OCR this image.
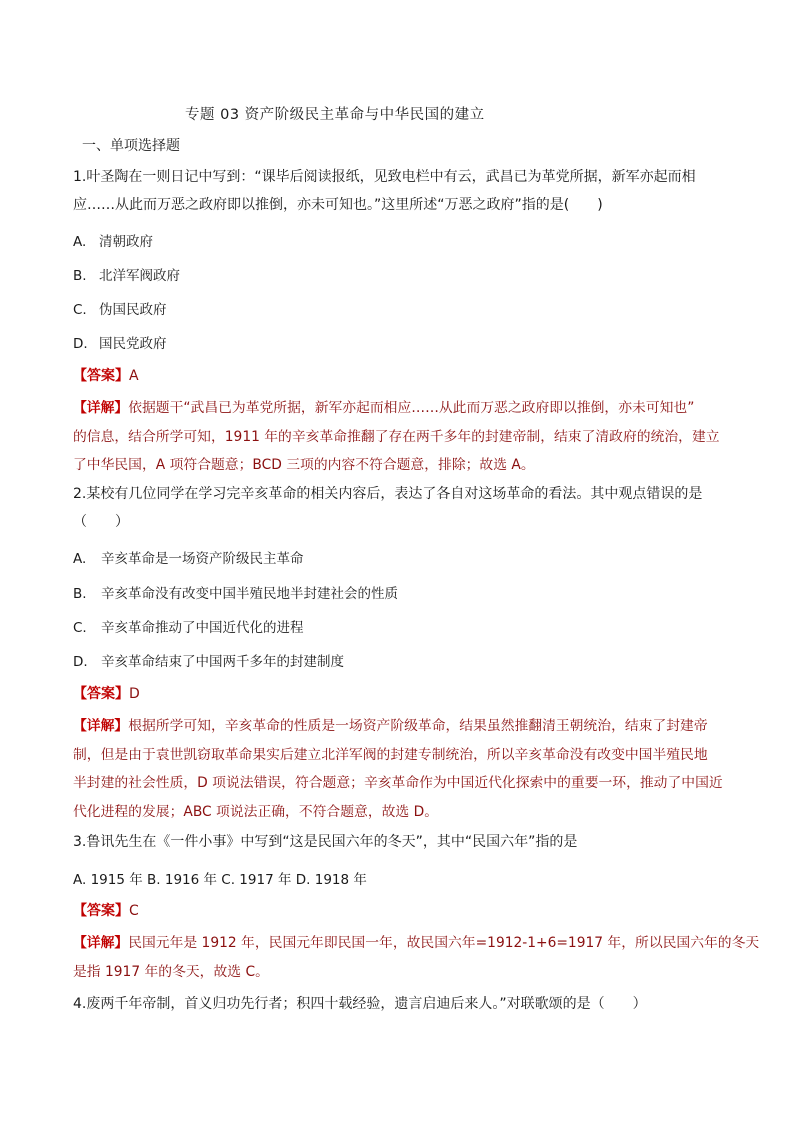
专题 03 资产阶级民主革命与中华民国的建立
一、单项选择题
1.叶圣陶在一则日记中写到：“课毕后阅读报纸，见致电栏中有云，武昌已为革党所据，新军亦起而相
应……从此而万恶之政府即以推倒，亦未可知也。”这里所述“万恶之政府”指的是(　　)
A. 清朝政府
B. 北洋军阀政府
C. 伪国民政府
D. 国民党政府
【答案】A
【详解】依据题干“武昌已为革党所据，新军亦起而相应……从此而万恶之政府即以推倒，亦未可知也”
的信息，结合所学可知，1911 年的辛亥革命推翻了存在两千多年的封建帝制，结束了清政府的统治，建立
了中华民国，A 项符合题意；BCD 三项的内容不符合题意，排除；故选 A。
2.某校有几位同学在学习完辛亥革命的相关内容后，表达了各自对这场革命的看法。其中观点错误的是
（　　）
A. 辛亥革命是一场资产阶级民主革命
B. 辛亥革命没有改变中国半殖民地半封建社会的性质
C. 辛亥革命推动了中国近代化的进程
D. 辛亥革命结束了中国两千多年的封建制度
【答案】D
【详解】根据所学可知，辛亥革命的性质是一场资产阶级革命，结果虽然推翻清王朝统治，结束了封建帝
制，但是由于袁世凯窃取革命果实后建立北洋军阀的封建专制统治，所以辛亥革命没有改变中国半殖民地
半封建的社会性质，D 项说法错误，符合题意；辛亥革命作为中国近代化探索中的重要一环，推动了中国近
代化进程的发展；ABC 项说法正确，不符合题意，故选 D。
3.鲁讯先生在《一件小事》中写到“这是民国六年的冬天”，其中“民国六年”指的是
A. 1915 年 B. 1916 年 C. 1917 年 D. 1918 年
【答案】C
【详解】民国元年是 1912 年，民国元年即民国一年，故民国六年=1912-1+6=1917 年，所以民国六年的冬天
是指 1917 年的冬天，故选 C。
4.废两千年帝制，首义归功先行者；积四十载经验，遗言启迪后来人。”对联歌颂的是（　　）
